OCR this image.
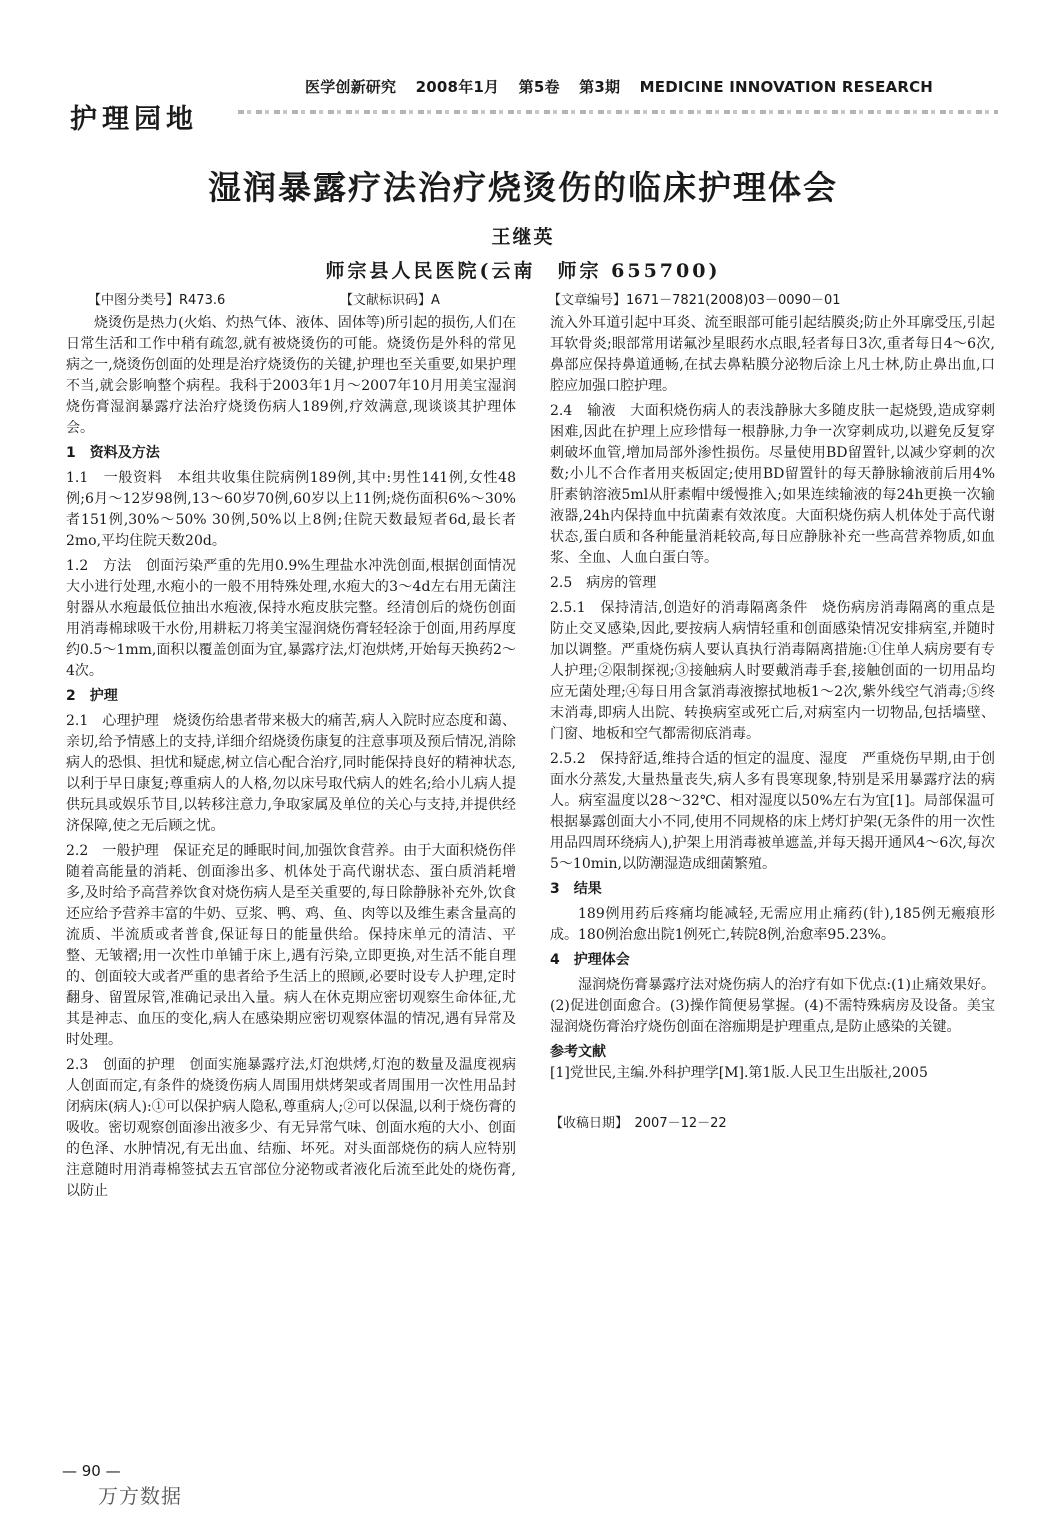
医学创新研究 2008年1月 第5卷 第3期 MEDICINE INNOVATION RESEARCH
护理园地
湿润暴露疗法治疗烧烫伤的临床护理体会
王继英
师宗县人民医院(云南　师宗 655700)
【中图分类号】R473.6	【文献标识码】A	【文章编号】1671－7821(2008)03－0090－01

烧烫伤是热力(火焰、灼热气体、液体、固体等)所引起的损伤,人们在日常生活和工作中稍有疏忽,就有被烧烫伤的可能。烧烫伤是外科的常见病之一,烧烫伤创面的处理是治疗烧烫伤的关键,护理也至关重要,如果护理不当,就会影响整个病程。我科于2003年1月～2007年10月用美宝湿润烧伤膏湿润暴露疗法治疗烧烫伤病人189例,疗效满意,现谈谈其护理体会。

1　资料及方法

1.1　一般资料　本组共收集住院病例189例,其中:男性141例,女性48例;6月～12岁98例,13～60岁70例,60岁以上11例;烧伤面积6%～30%者151例,30%～50% 30例,50%以上8例;住院天数最短者6d,最长者2mo,平均住院天数20d。

1.2　方法　创面污染严重的先用0.9%生理盐水冲洗创面,根据创面情况大小进行处理,水疱小的一般不用特殊处理,水疱大的3～4d左右用无菌注射器从水疱最低位抽出水疱液,保持水疱皮肤完整。经清创后的烧伤创面用消毒棉球吸干水份,用耕耘刀将美宝湿润烧伤膏轻轻涂于创面,用药厚度约0.5～1mm,面积以覆盖创面为宜,暴露疗法,灯泡烘烤,开始每天换药2～4次。

2　护理

2.1　心理护理　烧烫伤给患者带来极大的痛苦,病人入院时应态度和蔼、亲切,给予情感上的支持,详细介绍烧烫伤康复的注意事项及预后情况,消除病人的恐惧、担忧和疑虑,树立信心配合治疗,同时能保持良好的精神状态,以利于早日康复;尊重病人的人格,勿以床号取代病人的姓名;给小儿病人提供玩具或娱乐节目,以转移注意力,争取家属及单位的关心与支持,并提供经济保障,使之无后顾之忧。

2.2　一般护理　保证充足的睡眠时间,加强饮食营养。由于大面积烧伤伴随着高能量的消耗、创面渗出多、机体处于高代谢状态、蛋白质消耗增多,及时给予高营养饮食对烧伤病人是至关重要的,每日除静脉补充外,饮食还应给予营养丰富的牛奶、豆浆、鸭、鸡、鱼、肉等以及维生素含量高的流质、半流质或者普食,保证每日的能量供给。保持床单元的清洁、平整、无皱褶;用一次性巾单铺于床上,遇有污染,立即更换,对生活不能自理的、创面较大或者严重的患者给予生活上的照顾,必要时设专人护理,定时翻身、留置尿管,准确记录出入量。病人在休克期应密切观察生命体征,尤其是神志、血压的变化,病人在感染期应密切观察体温的情况,遇有异常及时处理。

2.3　创面的护理　创面实施暴露疗法,灯泡烘烤,灯泡的数量及温度视病人创面而定,有条件的烧烫伤病人周围用烘烤架或者周围用一次性用品封闭病床(病人):①可以保护病人隐私,尊重病人;②可以保温,以利于烧伤膏的吸收。密切观察创面渗出液多少、有无异常气味、创面水疱的大小、创面的色泽、水肿情况,有无出血、结痂、坏死。对头面部烧伤的病人应特别注意随时用消毒棉签拭去五官部位分泌物或者液化后流至此处的烧伤膏,以防止

流入外耳道引起中耳炎、流至眼部可能引起结膜炎;防止外耳廓受压,引起耳软骨炎;眼部常用诺氟沙星眼药水点眼,轻者每日3次,重者每日4～6次,鼻部应保持鼻道通畅,在拭去鼻粘膜分泌物后涂上凡士林,防止鼻出血,口腔应加强口腔护理。

2.4　输液　大面积烧伤病人的表浅静脉大多随皮肤一起烧毁,造成穿刺困难,因此在护理上应珍惜每一根静脉,力争一次穿刺成功,以避免反复穿刺破坏血管,增加局部外渗性损伤。尽量使用BD留置针,以减少穿刺的次数;小儿不合作者用夹板固定;使用BD留置针的每天静脉输液前后用4%肝素钠溶液5ml从肝素帽中缓慢推入;如果连续输液的每24h更换一次输液器,24h内保持血中抗菌素有效浓度。大面积烧伤病人机体处于高代谢状态,蛋白质和各种能量消耗较高,每日应静脉补充一些高营养物质,如血浆、全血、人血白蛋白等。

2.5　病房的管理

2.5.1　保持清洁,创造好的消毒隔离条件　烧伤病房消毒隔离的重点是防止交叉感染,因此,要按病人病情轻重和创面感染情况安排病室,并随时加以调整。严重烧伤病人要认真执行消毒隔离措施:①住单人病房要有专人护理;②限制探视;③接触病人时要戴消毒手套,接触创面的一切用品均应无菌处理;④每日用含氯消毒液擦拭地板1～2次,紫外线空气消毒;⑤终末消毒,即病人出院、转换病室或死亡后,对病室内一切物品,包括墙壁、门窗、地板和空气都需彻底消毒。

2.5.2　保持舒适,维持合适的恒定的温度、湿度　严重烧伤早期,由于创面水分蒸发,大量热量丧失,病人多有畏寒现象,特别是采用暴露疗法的病人。病室温度以28～32℃、相对湿度以50%左右为宜[1]。局部保温可根据暴露创面大小不同,使用不同规格的床上烤灯护架(无条件的用一次性用品四周环绕病人),护架上用消毒被单遮盖,并每天揭开通风4～6次,每次5～10min,以防潮湿造成细菌繁殖。

3　结果

189例用药后疼痛均能减轻,无需应用止痛药(针),185例无瘢痕形成。180例治愈出院1例死亡,转院8例,治愈率95.23%。

4　护理体会

湿润烧伤膏暴露疗法对烧伤病人的治疗有如下优点:(1)止痛效果好。(2)促进创面愈合。(3)操作简便易掌握。(4)不需特殊病房及设备。美宝湿润烧伤膏治疗烧伤创面在溶痂期是护理重点,是防止感染的关键。

参考文献
[1]党世民,主编.外科护理学[M].第1版.人民卫生出版社,2005
【收稿日期】　2007－12－22
— 90 —
万方数据
